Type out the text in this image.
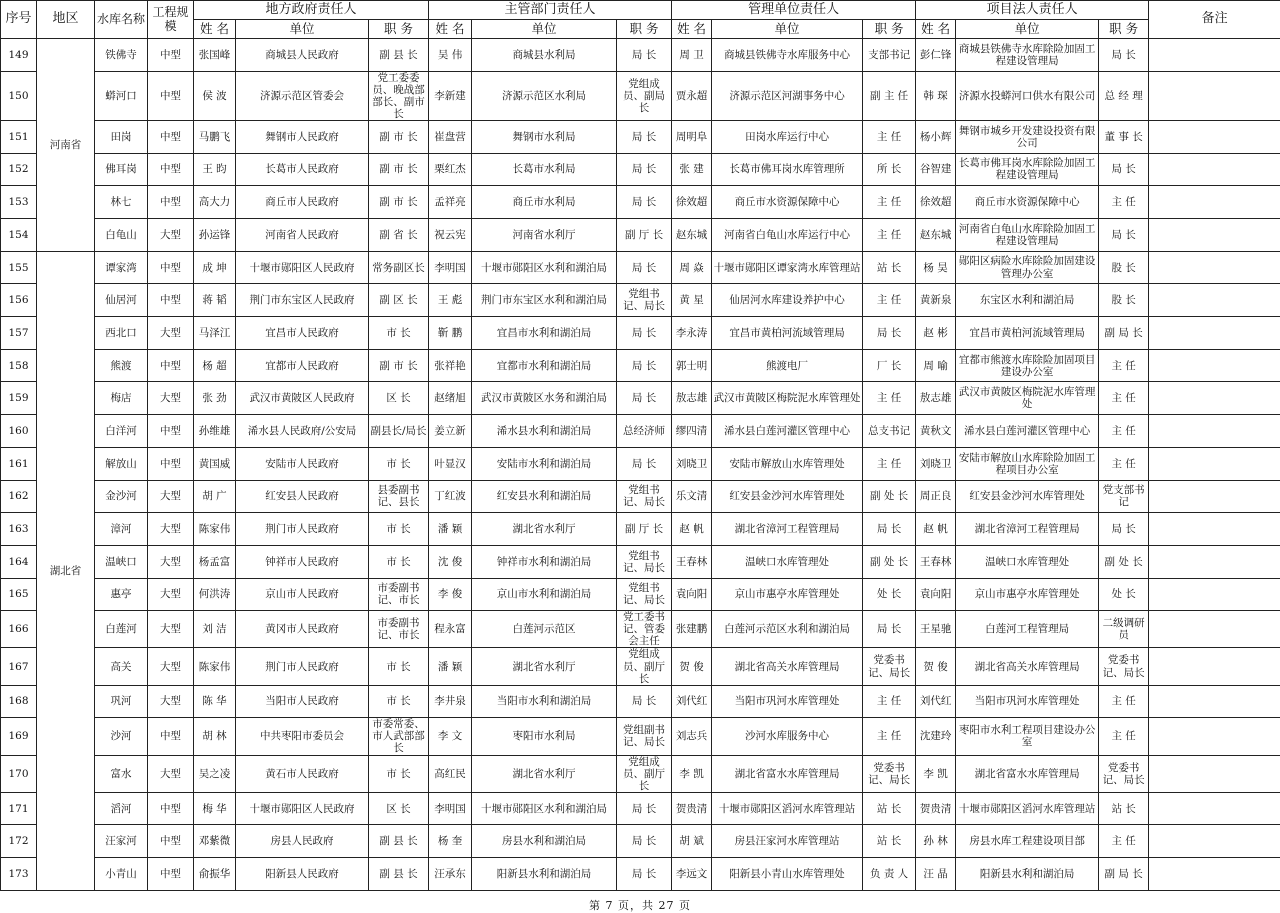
序号	地区	水库名称	工程规模	地方政府责任人			主管部门责任人			管理单位责任人			项目法人责任人			备注
				姓 名	单位	职 务	姓 名	单位	职 务	姓 名	单位	职 务	姓 名	单位	职 务	
149	河南省	铁佛寺	中型	张国峰	商城县人民政府	副 县 长	吴 伟	商城县水利局	局 长	周 卫	商城县铁佛寺水库服务中心	支部书记	彭仁锋	商城县铁佛寺水库除险加固工程建设管理局	局 长	
150		蟒河口	中型	侯 波	济源示范区管委会	党工委委员、晚战部部长、副市长	李新建	济源示范区水利局	党组成员、副局长	贾永超	济源示范区河湖事务中心	副 主 任	韩 琛	济源水投蟒河口供水有限公司	总 经 理	
151		田岗	中型	马鹏飞	舞钢市人民政府	副 市 长	崔盘营	舞钢市水利局	局 长	周明阜	田岗水库运行中心	主 任	杨小辉	舞钢市城乡开发建设投资有限公司	董 事 长	
152		佛耳岗	中型	王 昀	长葛市人民政府	副 市 长	栗红杰	长葛市水利局	局 长	张 建	长葛市佛耳岗水库管理所	所 长	谷智建	长葛市佛耳岗水库除险加固工程建设管理局	局 长	
153		林七	中型	高大力	商丘市人民政府	副 市 长	孟祥亮	商丘市水利局	局 长	徐效超	商丘市水资源保障中心	主 任	徐效超	商丘市水资源保障中心	主 任	
154		白龟山	大型	孙运锋	河南省人民政府	副 省 长	祝云宪	河南省水利厅	副 厅 长	赵东城	河南省白龟山水库运行中心	主 任	赵东城	河南省白龟山水库除险加固工程建设管理局	局 长	
155	湖北省	谭家湾	中型	成 坤	十堰市郧阳区人民政府	常务副区长	李明国	十堰市郧阳区水利和湖泊局	局 长	周 焱	十堰市郧阳区谭家湾水库管理站	站 长	杨 昊	郧阳区病险水库除险加固建设管理办公室	股 长	
156		仙居河	中型	蒋 韬	荆门市东宝区人民政府	副 区 长	王 彪	荆门市东宝区水利和湖泊局	党组书记、局长	黄 星	仙居河水库建设养护中心	主 任	黄新泉	东宝区水利和湖泊局	股 长	
157		西北口	大型	马泽江	宜昌市人民政府	市 长	靳 鹏	宜昌市水利和湖泊局	局 长	李永涛	宜昌市黄柏河流域管理局	局 长	赵 彬	宜昌市黄柏河流域管理局	副 局 长	
158		熊渡	中型	杨 超	宜都市人民政府	副 市 长	张祥艳	宜都市水利和湖泊局	局 长	郭士明	熊渡电厂	厂 长	周 喻	宜都市熊渡水库除险加固项目建设办公室	主 任	
159		梅店	大型	张 劲	武汉市黄陂区人民政府	区 长	赵绪旭	武汉市黄陂区水务和湖泊局	局 长	敖志雄	武汉市黄陂区梅院泥水库管理处	主 任	敖志雄	武汉市黄陂区梅院泥水库管理处	主 任	
160		白洋河	中型	孙维雄	浠水县人民政府/公安局	副县长/局长	姜立新	浠水县水利和湖泊局	总经济师	缪四清	浠水县白莲河灌区管理中心	总支书记	黄秋文	浠水县白莲河灌区管理中心	主 任	
161		解放山	中型	黄国威	安陆市人民政府	市 长	叶显汉	安陆市水利和湖泊局	局 长	刘晓卫	安陆市解放山水库管理处	主 任	刘晓卫	安陆市解放山水库除险加固工程项目办公室	主 任	
162		金沙河	大型	胡 广	红安县人民政府	县委副书记、县长	丁红波	红安县水利和湖泊局	党组书记、局长	乐文清	红安县金沙河水库管理处	副 处 长	周正良	红安县金沙河水库管理处	党支部书记	
163		漳河	大型	陈家伟	荆门市人民政府	市 长	潘 颖	湖北省水利厅	副 厅 长	赵 帆	湖北省漳河工程管理局	局 长	赵 帆	湖北省漳河工程管理局	局 长	
164		温峡口	大型	杨孟富	钟祥市人民政府	市 长	沈 俊	钟祥市水利和湖泊局	党组书记、局长	王春林	温峡口水库管理处	副 处 长	王春林	温峡口水库管理处	副 处 长	
165		惠亭	大型	何洪涛	京山市人民政府	市委副书记、市长	李 俊	京山市水利和湖泊局	党组书记、局长	袁向阳	京山市惠亭水库管理处	处 长	袁向阳	京山市惠亭水库管理处	处 长	
166		白莲河	大型	刘 洁	黄冈市人民政府	市委副书记、市长	程永富	白莲河示范区	党工委书记、管委会主任	张建鹏	白莲河示范区水利和湖泊局	局 长	王星驰	白莲河工程管理局	二级调研员	
167		高关	大型	陈家伟	荆门市人民政府	市 长	潘 颖	湖北省水利厅	党组成员、副厅长	贺 俊	湖北省高关水库管理局	党委书记、局长	贺 俊	湖北省高关水库管理局	党委书记、局长	
168		巩河	大型	陈 华	当阳市人民政府	市 长	李井泉	当阳市水利和湖泊局	局 长	刘代红	当阳市巩河水库管理处	主 任	刘代红	当阳市巩河水库管理处	主 任	
169		沙河	中型	胡 林	中共枣阳市委员会	市委常委、市人武部部长	李 文	枣阳市水利局	党组副书记、局长	刘志兵	沙河水库服务中心	主 任	沈建玲	枣阳市水利工程项目建设办公室	主 任	
170		富水	大型	吴之凌	黄石市人民政府	市 长	高红民	湖北省水利厅	党组成员、副厅长	李 凯	湖北省富水水库管理局	党委书记、局长	李 凯	湖北省富水水库管理局	党委书记、局长	
171		滔河	中型	梅 华	十堰市郧阳区人民政府	区 长	李明国	十堰市郧阳区水利和湖泊局	局 长	贺贵清	十堰市郧阳区滔河水库管理站	站 长	贺贵清	十堰市郧阳区滔河水库管理站	站 长	
172		汪家河	中型	邓紫微	房县人民政府	副 县 长	杨 奎	房县水利和湖泊局	局 长	胡 斌	房县汪家河水库管理站	站 长	孙 林	房县水库工程建设项目部	主 任	
173		小青山	中型	俞振华	阳新县人民政府	副 县 长	汪承东	阳新县水利和湖泊局	局 长	李远文	阳新县小青山水库管理处	负 责 人	汪 晶	阳新县水利和湖泊局	副 局 长	
第 7 页，共 27 页
